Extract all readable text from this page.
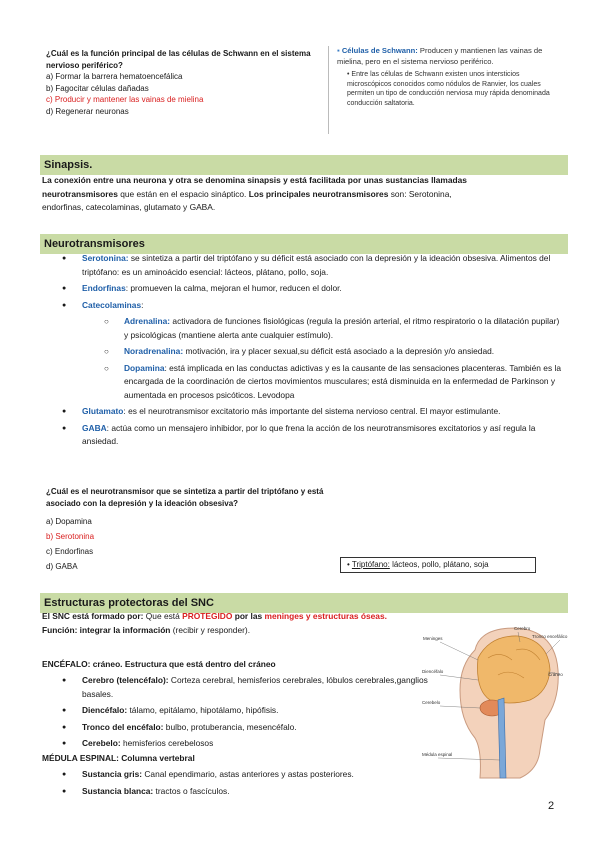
¿Cuál es la función principal de las células de Schwann en el sistema nervioso periférico?
a) Formar la barrera hematoencefálica
b) Fagocitar células dañadas
c) Producir y mantener las vainas de mielina
d) Regenerar neuronas
▪ Células de Schwann: Producen y mantienen las vainas de mielina, pero en el sistema nervioso periférico.
• Entre las células de Schwann existen unos intersticios microscópicos conocidos como nódulos de Ranvier, los cuales permiten un tipo de conducción nerviosa muy rápida denominada conducción saltatoria.
Sinapsis.
La conexión entre una neurona y otra se denomina sinapsis y está facilitada por unas sustancias llamadas
neurotransmisores que están en el espacio sináptico. Los principales neurotransmisores son: Serotonina,
endorfinas, catecolaminas, glutamato y GABA.
Neurotransmisores
● Serotonina: se sintetiza a partir del triptófano y su déficit está asociado con la depresión y la ideación obsesiva. Alimentos del triptófano: es un aminoácido esencial: lácteos, plátano, pollo, soja.
● Endorfinas: promueven la calma, mejoran el humor, reducen el dolor.
● Catecolaminas:
○ Adrenalina: activadora de funciones fisiológicas (regula la presión arterial, el ritmo respiratorio o la dilatación pupilar) y psicológicas (mantiene alerta ante cualquier estímulo).
○ Noradrenalina: motivación, ira y placer sexual,su déficit está asociado a la depresión y/o ansiedad.
○ Dopamina: está implicada en las conductas adictivas y es la causante de las sensaciones placenteras. También es la encargada de la coordinación de ciertos movimientos musculares; está disminuida en la enfermedad de Parkinson y aumentada en procesos psicóticos. Levodopa
● Glutamato: es el neurotransmisor excitatorio más importante del sistema nervioso central. El mayor estimulante.
● GABA: actúa como un mensajero inhibidor, por lo que frena la acción de los neurotransmisores excitatorios y así regula la ansiedad.
¿Cuál es el neurotransmisor que se sintetiza a partir del triptófano y está asociado con la depresión y la ideación obsesiva?
a) Dopamina
b) Serotonina
c) Endorfinas
d) GABA	• Triptófano: lácteos, pollo, plátano, soja
Estructuras protectoras del SNC
El SNC está formado por: Que está PROTEGIDO por las meninges y estructuras óseas. Función: integrar la información (recibir y responder).
ENCÉFALO: cráneo. Estructura que está dentro del cráneo
● Cerebro (telencéfalo): Corteza cerebral, hemisferios cerebrales, lóbulos cerebrales,ganglios basales.
● Diencéfalo: tálamo, epitálamo, hipotálamo, hipófisis.
● Tronco del encéfalo: bulbo, protuberancia, mesencéfalo.
● Cerebelo: hemisferios cerebelosos
MÉDULA ESPINAL: Columna vertebral
● Sustancia gris: Canal ependimario, astas anteriores y astas posteriores.
● Sustancia blanca: tractos o fascículos.
Meninges
Cerebro
Diencéfalo
Tronco encefálico
Cerebelo
Médula espinal
Cráneo
2
